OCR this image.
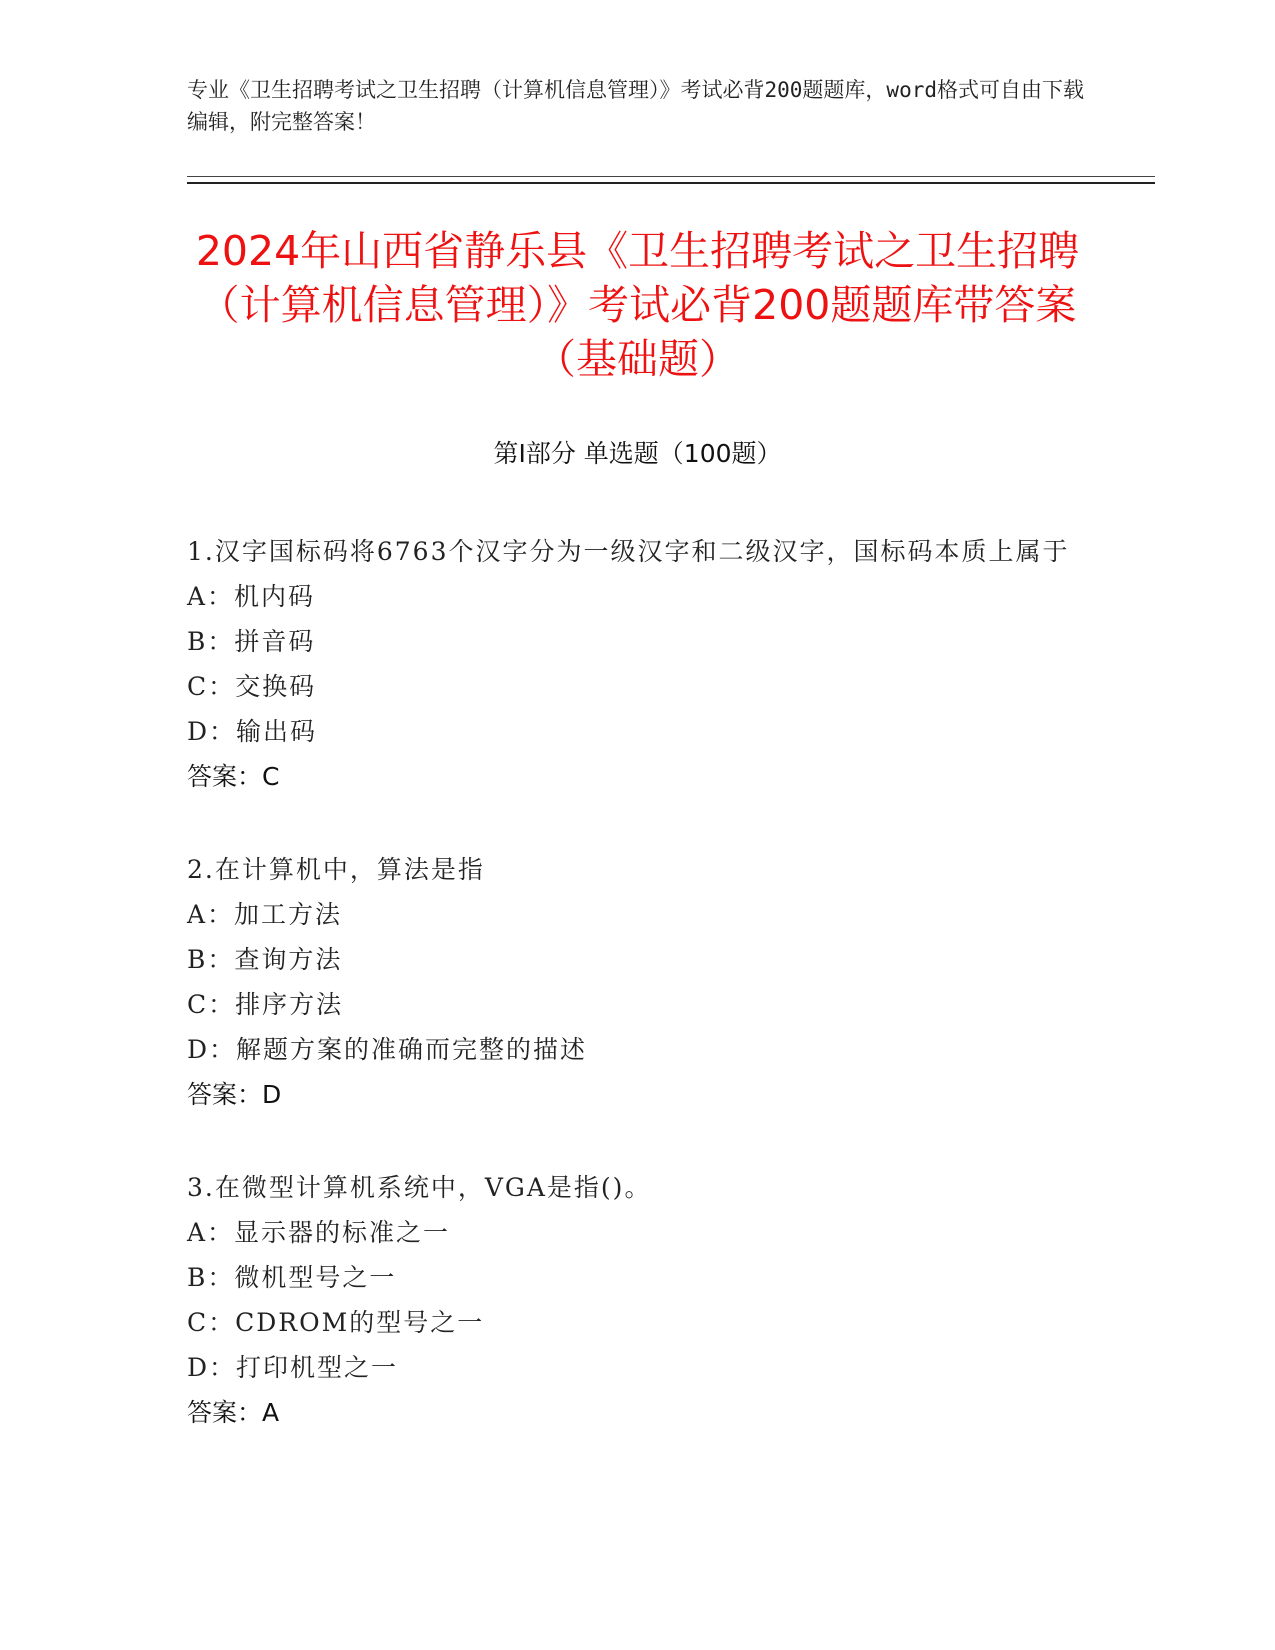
专业《卫生招聘考试之卫生招聘（计算机信息管理）》考试必背200题题库，word格式可自由下载编辑，附完整答案！
2024年山西省静乐县《卫生招聘考试之卫生招聘（计算机信息管理）》考试必背200题题库带答案（基础题）
第Ⅰ部分 单选题（100题）
1.汉字国标码将6763个汉字分为一级汉字和二级汉字，国标码本质上属于
A：机内码
B：拼音码
C：交换码
D：输出码
答案：C
2.在计算机中，算法是指
A：加工方法
B：查询方法
C：排序方法
D：解题方案的准确而完整的描述
答案：D
3.在微型计算机系统中，VGA是指()。
A：显示器的标准之一
B：微机型号之一
C：CDROM的型号之一
D：打印机型之一
答案：A
